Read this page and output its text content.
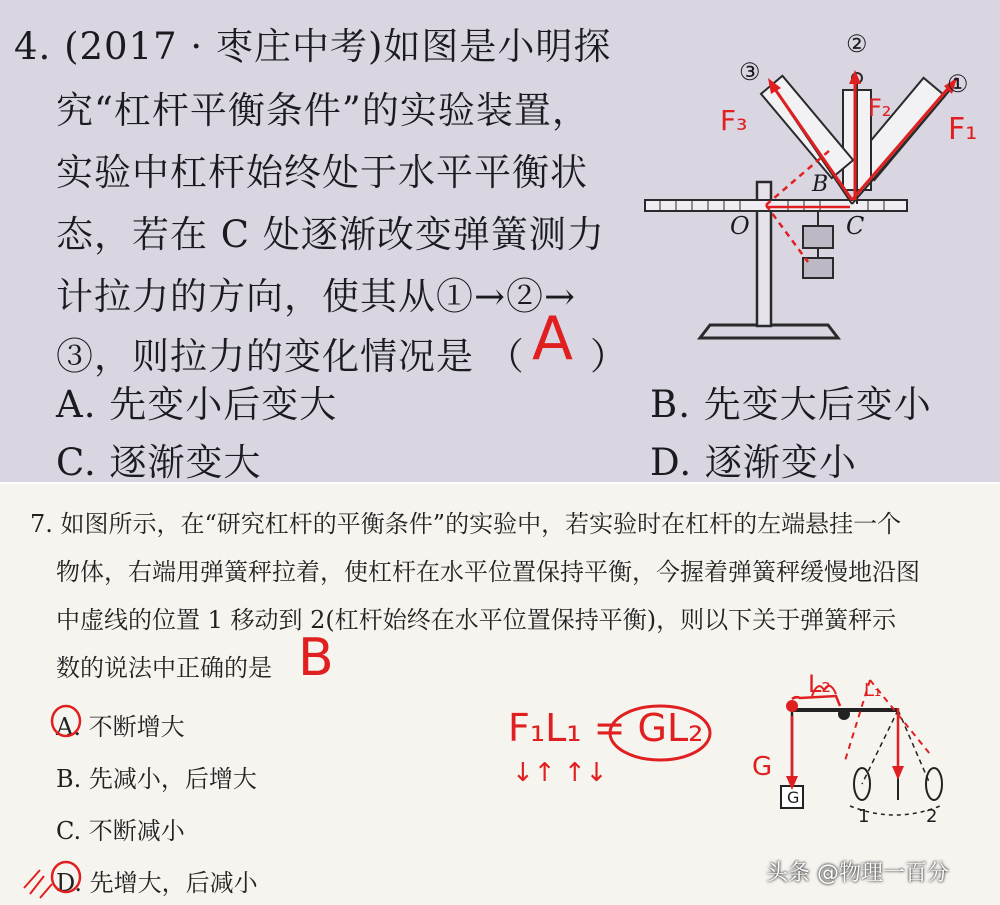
4. (2017 · 枣庄中考)如图是小明探
究“杠杆平衡条件”的实验装置，
实验中杠杆始终处于水平平衡状
态，若在 C 处逐渐改变弹簧测力
计拉力的方向，使其从①→②→
③，则拉力的变化情况是 （ ）
A
A. 先变小后变大	B. 先变大后变小
C. 逐渐变大	D. 逐渐变小
③
②
①
O
B
C
F₃	F₂
F₁
7. 如图所示，在“研究杠杆的平衡条件”的实验中，若实验时在杠杆的左端悬挂一个
物体，右端用弹簧秤拉着，使杠杆在水平位置保持平衡，今握着弹簧秤缓慢地沿图
中虚线的位置 1 移动到 2(杠杆始终在水平位置保持平衡)，则以下关于弹簧秤示
数的说法中正确的是 B
A. 不断增大
B. 先减小，后增大
C. 不断减小
D. 先增大，后减小
F₁L₁ = GL₂
↓↑ ↑↓
G
G
L₂ L₁
1	2
头条 @物理一百分
